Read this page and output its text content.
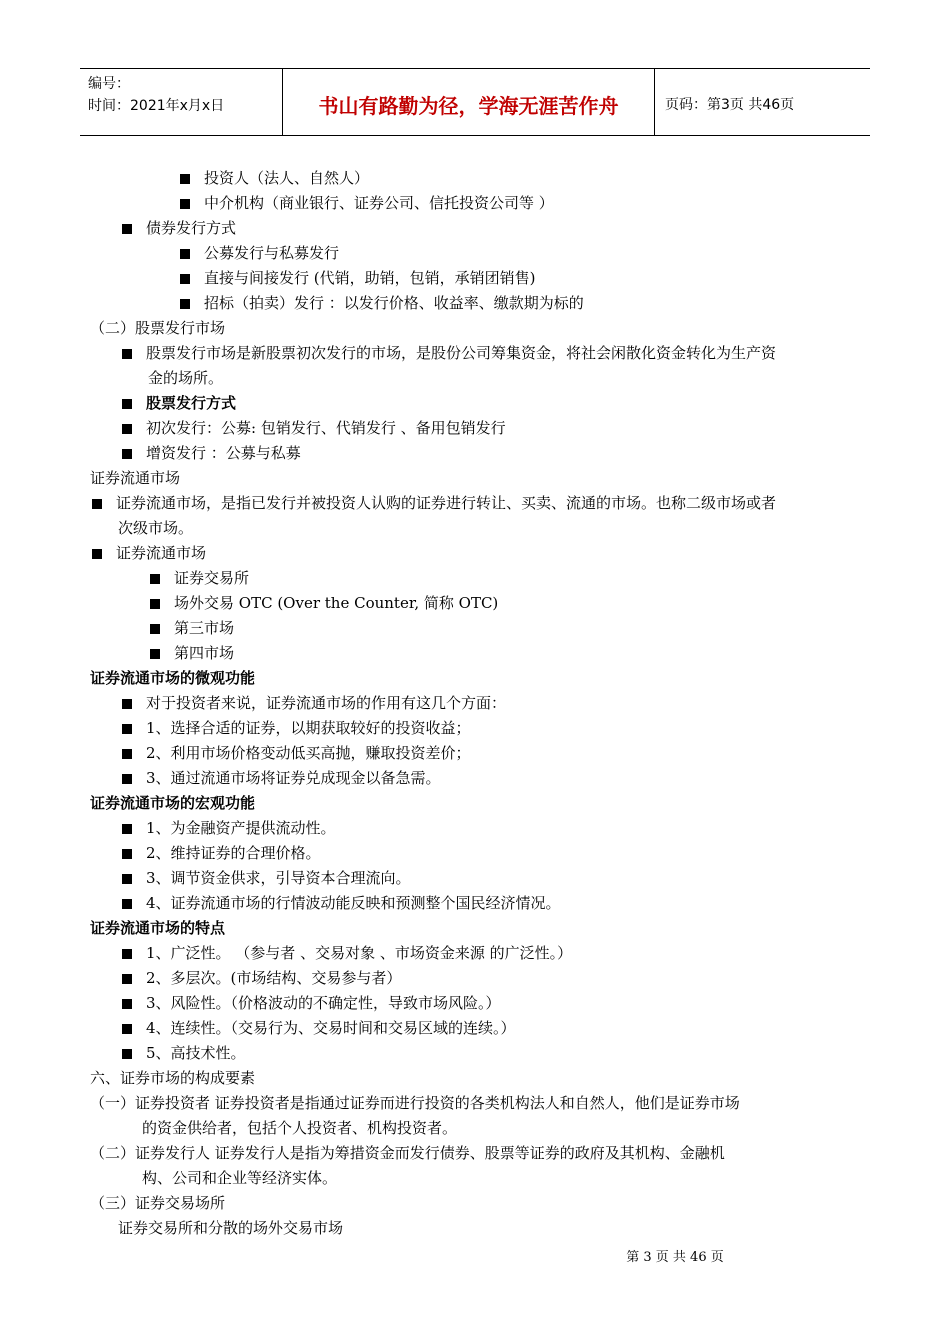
编号：
时间：2021年x月x日	书山有路勤为径，学海无涯苦作舟	页码：第3页 共46页
投资人（法人、自然人）
中介机构（商业银行、证券公司、信托投资公司等 ）
债券发行方式
公募发行与私募发行
直接与间接发行 (代销，助销，包销，承销团销售)
招标（拍卖）发行 ：以发行价格、收益率、缴款期为标的
（二）股票发行市场
股票发行市场是新股票初次发行的市场，是股份公司筹集资金，将社会闲散化资金转化为生产资
金的场所。
股票发行方式
初次发行：公募: 包销发行、代销发行 、备用包销发行
增资发行 ：公募与私募
证券流通市场
证券流通市场，是指已发行并被投资人认购的证券进行转让、买卖、流通的市场。也称二级市场或者
次级市场。
证券流通市场
证券交易所
场外交易 OTC (Over the Counter, 简称 OTC)
第三市场
第四市场
证券流通市场的微观功能
对于投资者来说，证券流通市场的作用有这几个方面：
1、选择合适的证券，以期获取较好的投资收益；
2、利用市场价格变动低买高抛，赚取投资差价；
3、通过流通市场将证券兑成现金以备急需。
证券流通市场的宏观功能
1、为金融资产提供流动性。
2、维持证券的合理价格。
3、调节资金供求，引导资本合理流向。
4、证券流通市场的行情波动能反映和预测整个国民经济情况。
证券流通市场的特点
1、广泛性。 （参与者 、交易对象 、市场资金来源 的广泛性。）
2、多层次。(市场结构、交易参与者）
3、风险性。（价格波动的不确定性，导致市场风险。）
4、连续性。（交易行为、交易时间和交易区域的连续。）
5、高技术性。
六、证券市场的构成要素
（一）证券投资者 证券投资者是指通过证券而进行投资的各类机构法人和自然人，他们是证券市场
的资金供给者，包括个人投资者、机构投资者。
（二）证券发行人 证券发行人是指为筹措资金而发行债券、股票等证券的政府及其机构、金融机
构、公司和企业等经济实体。
（三）证券交易场所
证券交易所和分散的场外交易市场
第 3 页 共 46 页
